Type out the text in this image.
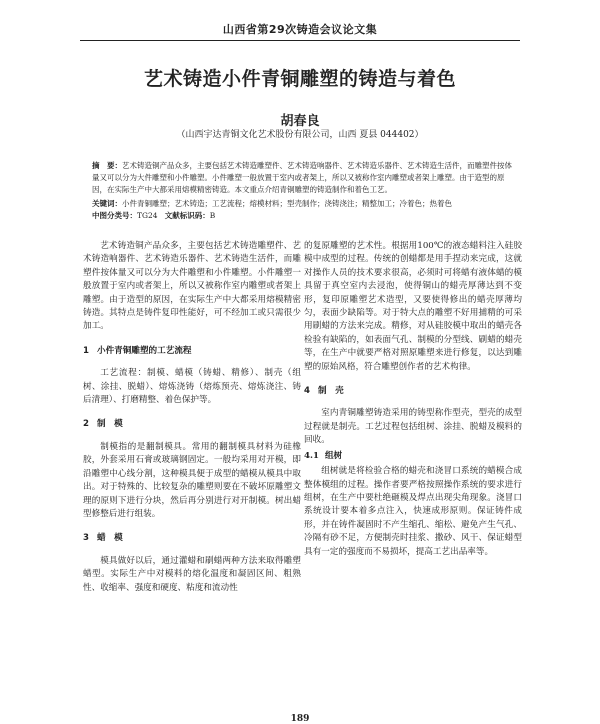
山西省第29次铸造会议论文集
艺术铸造小件青铜雕塑的铸造与着色
胡春良
（山西宇达青铜文化艺术股份有限公司，山西 夏县 044402）
摘　要：艺术铸造铜产品众多，主要包括艺术铸造雕塑件、艺术铸造响器件、艺术铸造乐器件、艺术铸造生活件，而雕塑件按体量又可以分为大件雕塑和小件雕塑。小件雕塑一般放置于室内或者架上，所以又被称作室内雕塑或者架上雕塑。由于造型的原因，在实际生产中大都采用熔模精密铸造。本文重点介绍青铜雕塑的铸造制作和着色工艺。
关键词：小件青铜雕塑；艺术铸造；工艺流程；熔模材料；型壳制作；浇铸浇注；精整加工；冷着色；热着色
中图分类号：TG24 文献标识码：B

艺术铸造铜产品众多，主要包括艺术铸造雕塑件、艺术铸造响器件、艺术铸造乐器件、艺术铸造生活件，而雕塑件按体量又可以分为大件雕塑和小件雕塑。小件雕塑一般放置于室内或者架上，所以又被称作室内雕塑或者架上雕塑。由于造型的原因，在实际生产中大都采用熔模精密铸造。其特点是铸件复印性能好，可不经加工或只需很少加工。

1 小件青铜雕塑的工艺流程

工艺流程：制模、蜡模（铸蜡、精修）、制壳（组树、涂挂、脱蜡）、熔炼浇铸（熔炼预壳、熔炼浇注、铸后清理）、打磨精整、着色保护等。

2 制　模

制模指的是翻制模具。常用的翻制模具材料为硅橡胶，外套采用石膏或玻璃钢固定。一般均采用对开模，即沿雕塑中心线分割，这种模具便于成型的蜡模从模具中取出。对于特殊的、比较复杂的雕塑则要在不破坏原雕塑文理的原则下进行分块，然后再分别进行对开制模。树出蜡型修整后进行组装。

3 蜡　模

模具做好以后，通过灌蜡和刷蜡两种方法来取得雕塑蜡型。实际生产中对模料的熔化温度和凝固区间、粗熟性、收缩率、强度和硬度、粘度和流动性

的复原雕塑的艺术性。根据用100℃的液态蜡料注入硅胶模中成型的过程。传统的创蜡都是用手捏动来完成，这就对操作人员的技术要求很高，必须时可将蜡有液体蜡的模具留于真空室内去浸泡，使得铜山的蜡壳厚薄达到不变形，复印原雕塑艺术造型，又要使得修出的蜡壳厚薄均匀，表面少缺陷等。对于特大点的雕塑不好用捕精的可采用刷蜡的方法来完成。精修，对从硅胶模中取出的蜡壳各检验有缺陷的，如表面气孔、制模的分型线、刷蜡的蜡壳等，在生产中就要严格对照原雕塑来进行修复，以达到雕塑的原始风格，符合雕塑创作者的艺术构律。

4 制　壳

室内青铜雕塑铸造采用的铸型称作型壳，型壳的成型过程就是制壳。工艺过程包括组树、涂挂、脱蜡及模料的回收。

4.1 组树

组树就是将检验合格的蜡壳和浇冒口系统的蜡模合成整体模组的过程。操作者要严格按照操作系统的要求进行组树，在生产中要杜绝砸模及焊点出现尖角现象。浇冒口系统设计要本着多点注入，快速成形原则。保证铸件成形，并在铸件凝固时不产生缩孔、缩松、避免产生气孔、冷隔有砂不足，方便制壳时挂浆、撒砂、风干、保证蜡型具有一定的强度而不易损坏，提高工艺出品率等。

189
